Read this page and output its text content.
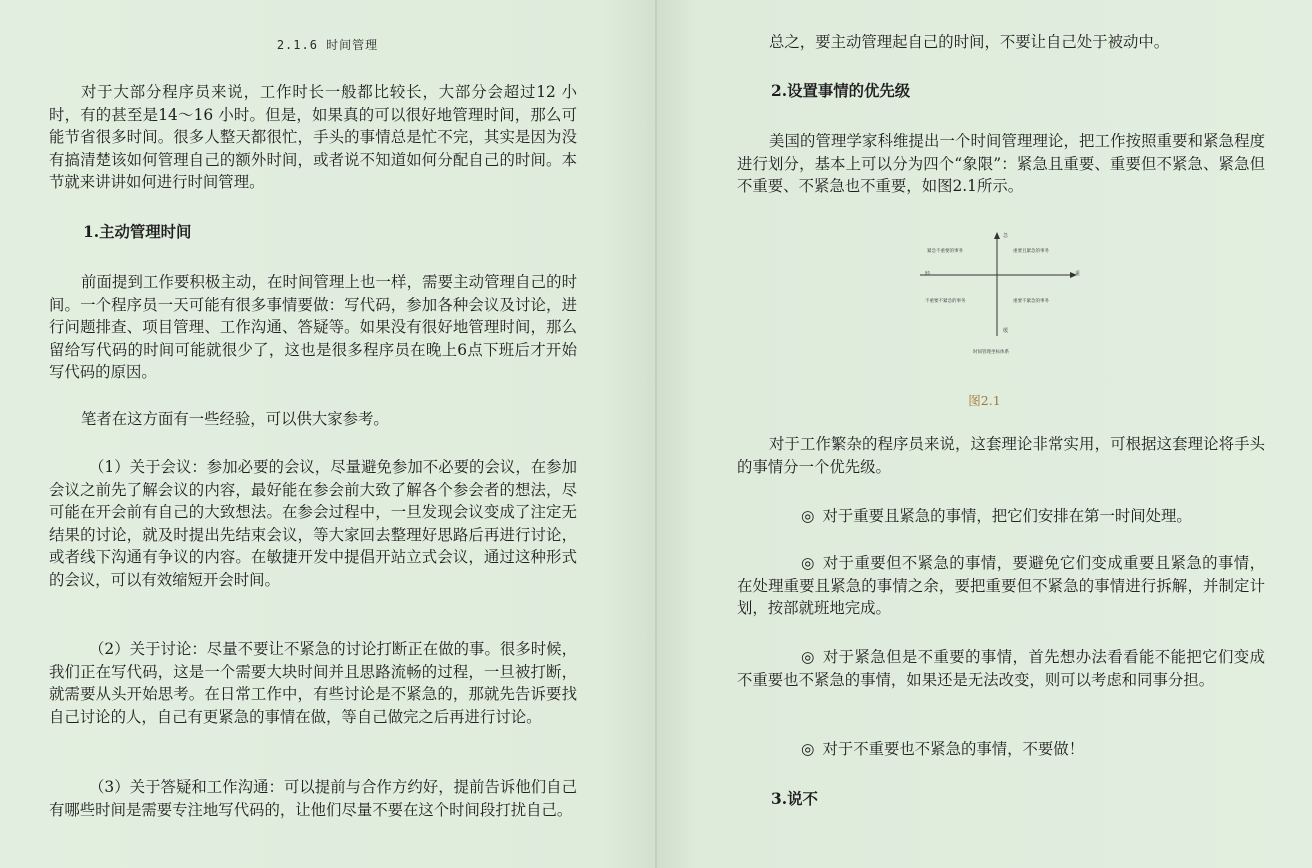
2.1.6 时间管理

对于大部分程序员来说，工作时长一般都比较长，大部分会超过12 小时，有的甚至是14～16 小时。但是，如果真的可以很好地管理时间，那么可能节省很多时间。很多人整天都很忙，手头的事情总是忙不完，其实是因为没有搞清楚该如何管理自己的额外时间，或者说不知道如何分配自己的时间。本节就来讲讲如何进行时间管理。

1.主动管理时间

前面提到工作要积极主动，在时间管理上也一样，需要主动管理自己的时间。一个程序员一天可能有很多事情要做：写代码，参加各种会议及讨论，进行问题排查、项目管理、工作沟通、答疑等。如果没有很好地管理时间，那么留给写代码的时间可能就很少了，这也是很多程序员在晚上6点下班后才开始写代码的原因。

笔者在这方面有一些经验，可以供大家参考。

（1）关于会议：参加必要的会议，尽量避免参加不必要的会议，在参加会议之前先了解会议的内容，最好能在参会前大致了解各个参会者的想法，尽可能在开会前有自己的大致想法。在参会过程中，一旦发现会议变成了注定无结果的讨论，就及时提出先结束会议，等大家回去整理好思路后再进行讨论，或者线下沟通有争议的内容。在敏捷开发中提倡开站立式会议，通过这种形式的会议，可以有效缩短开会时间。

（2）关于讨论：尽量不要让不紧急的讨论打断正在做的事。很多时候，我们正在写代码，这是一个需要大块时间并且思路流畅的过程，一旦被打断，就需要从头开始思考。在日常工作中，有些讨论是不紧急的，那就先告诉要找自己讨论的人，自己有更紧急的事情在做，等自己做完之后再进行讨论。

（3）关于答疑和工作沟通：可以提前与合作方约好，提前告诉他们自己有哪些时间是需要专注地写代码的，让他们尽量不要在这个时间段打扰自己。

总之，要主动管理起自己的时间，不要让自己处于被动中。

2.设置事情的优先级

美国的管理学家科维提出一个时间管理理论，把工作按照重要和紧急程度进行划分，基本上可以分为四个“象限”：紧急且重要、重要但不紧急、紧急但不重要、不紧急也不重要，如图2.1所示。

对于工作繁杂的程序员来说，这套理论非常实用，可根据这套理论将手头的事情分一个优先级。

◎ 对于重要且紧急的事情，把它们安排在第一时间处理。

◎ 对于重要但不紧急的事情，要避免它们变成重要且紧急的事情，在处理重要且紧急的事情之余，要把重要但不紧急的事情进行拆解，并制定计划，按部就班地完成。

◎ 对于紧急但是不重要的事情，首先想办法看看能不能把它们变成不重要也不紧急的事情，如果还是无法改变，则可以考虑和同事分担。

◎ 对于不重要也不紧急的事情，不要做！

3.说不
急
缓
轻	重
紧急不重要的事务	重要且紧急的事务
不重要不紧急的事务	重要不紧急的事务
时间管理坐标体系
图2.1
